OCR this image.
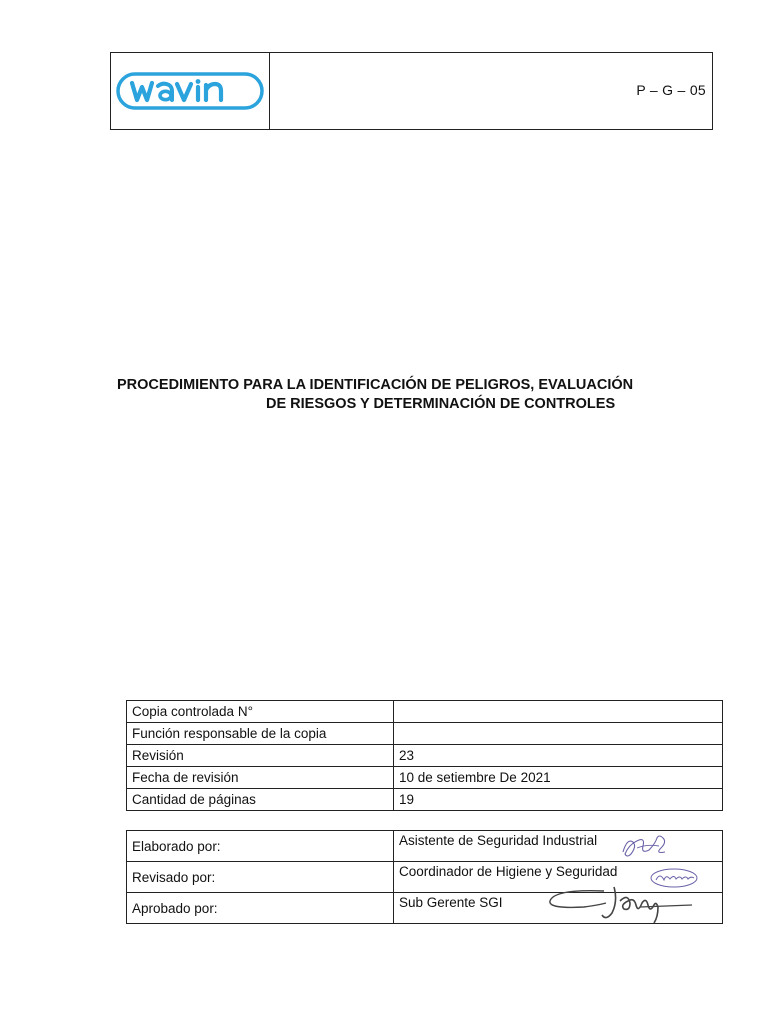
P – G – 05
PROCEDIMIENTO PARA LA IDENTIFICACIÓN DE PELIGROS, EVALUACIÓN
DE RIESGOS Y DETERMINACIÓN DE CONTROLES
Copia controlada N°	
Función responsable de la copia	
Revisión	23
Fecha de revisión	10 de setiembre De 2021
Cantidad de páginas	19
Elaborado por:	Asistente de Seguridad Industrial

Revisado por:	Coordinador de Higiene y Seguridad

Aprobado por:	Sub Gerente SGI
